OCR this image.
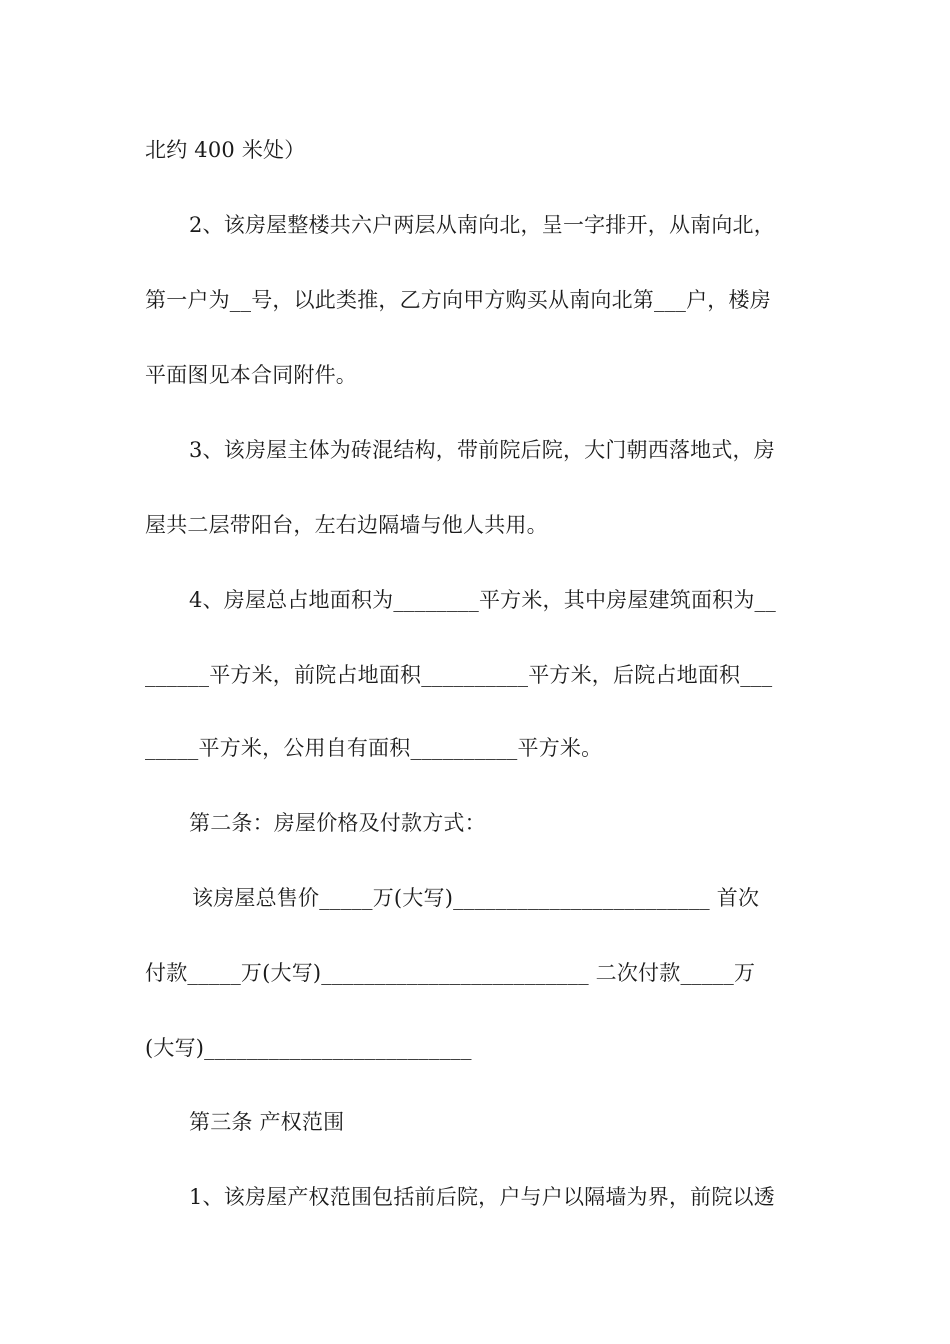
北约 400 米处）
2、该房屋整楼共六户两层从南向北，呈一字排开，从南向北，
第一户为__号，以此类推，乙方向甲方购买从南向北第___户，楼房
平面图见本合同附件。
3、该房屋主体为砖混结构，带前院后院，大门朝西落地式，房
屋共二层带阳台，左右边隔墙与他人共用。
4、房屋总占地面积为________平方米，其中房屋建筑面积为__
______平方米，前院占地面积__________平方米，后院占地面积___
_____平方米，公用自有面积__________平方米。
第二条：房屋价格及付款方式：
该房屋总售价_____万(大写)________________________ 首次
付款_____万(大写)_________________________ 二次付款_____万
(大写)_________________________
第三条 产权范围
1、该房屋产权范围包括前后院，户与户以隔墙为界，前院以透
